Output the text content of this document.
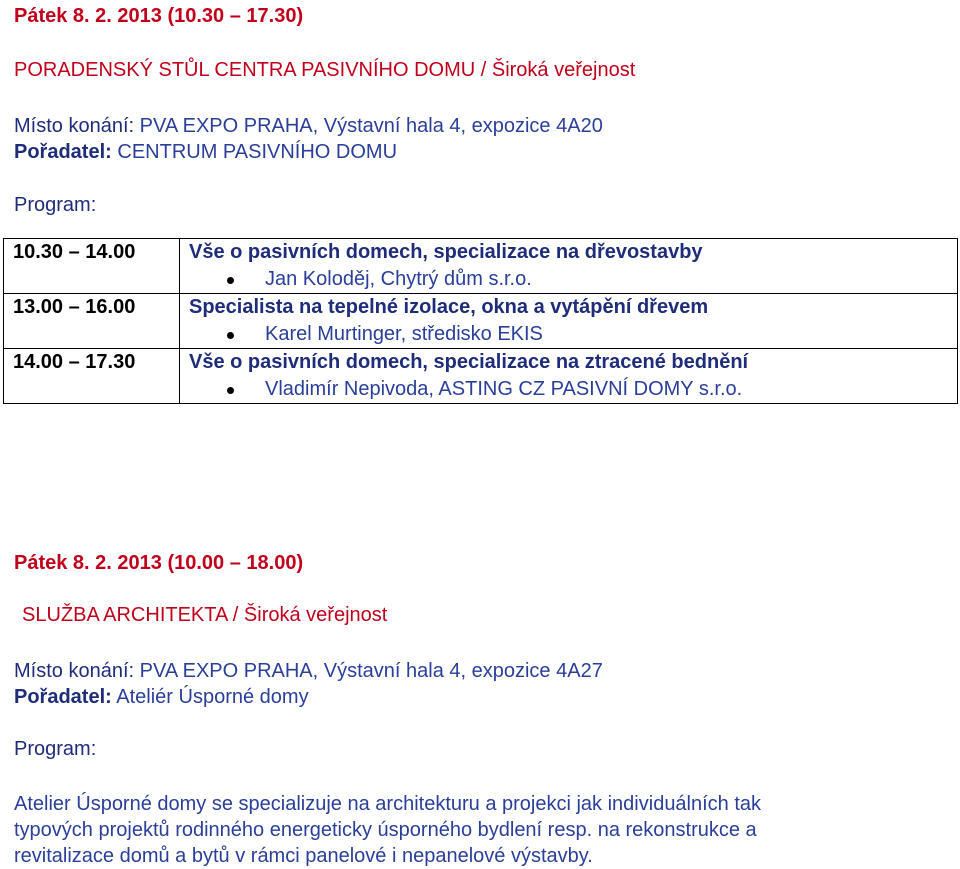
Pátek 8. 2. 2013 (10.30 – 17.30)
PORADENSKÝ STŮL CENTRA PASIVNÍHO DOMU / Široká veřejnost
Místo konání: PVA EXPO PRAHA, Výstavní hala 4, expozice 4A20
Pořadatel: CENTRUM PASIVNÍHO DOMU
Program:
10.30 – 14.00	Vše o pasivních domech, specializace na dřevostavby
Jan Koloděj, Chytrý dům s.r.o.

13.00 – 16.00	Specialista na tepelné izolace, okna a vytápění dřevem
Karel Murtinger, středisko EKIS

14.00 – 17.30	Vše o pasivních domech, specializace na ztracené bednění
Vladimír Nepivoda, ASTING CZ PASIVNÍ DOMY s.r.o.
Pátek 8. 2. 2013 (10.00 – 18.00)
SLUŽBA ARCHITEKTA / Široká veřejnost
Místo konání: PVA EXPO PRAHA, Výstavní hala 4, expozice 4A27
Pořadatel: Ateliér Úsporné domy
Program:
Atelier Úsporné domy se specializuje na architekturu a projekci jak individuálních tak
typových projektů rodinného energeticky úsporného bydlení resp. na rekonstrukce a
revitalizace domů a bytů v rámci panelové i nepanelové výstavby.
